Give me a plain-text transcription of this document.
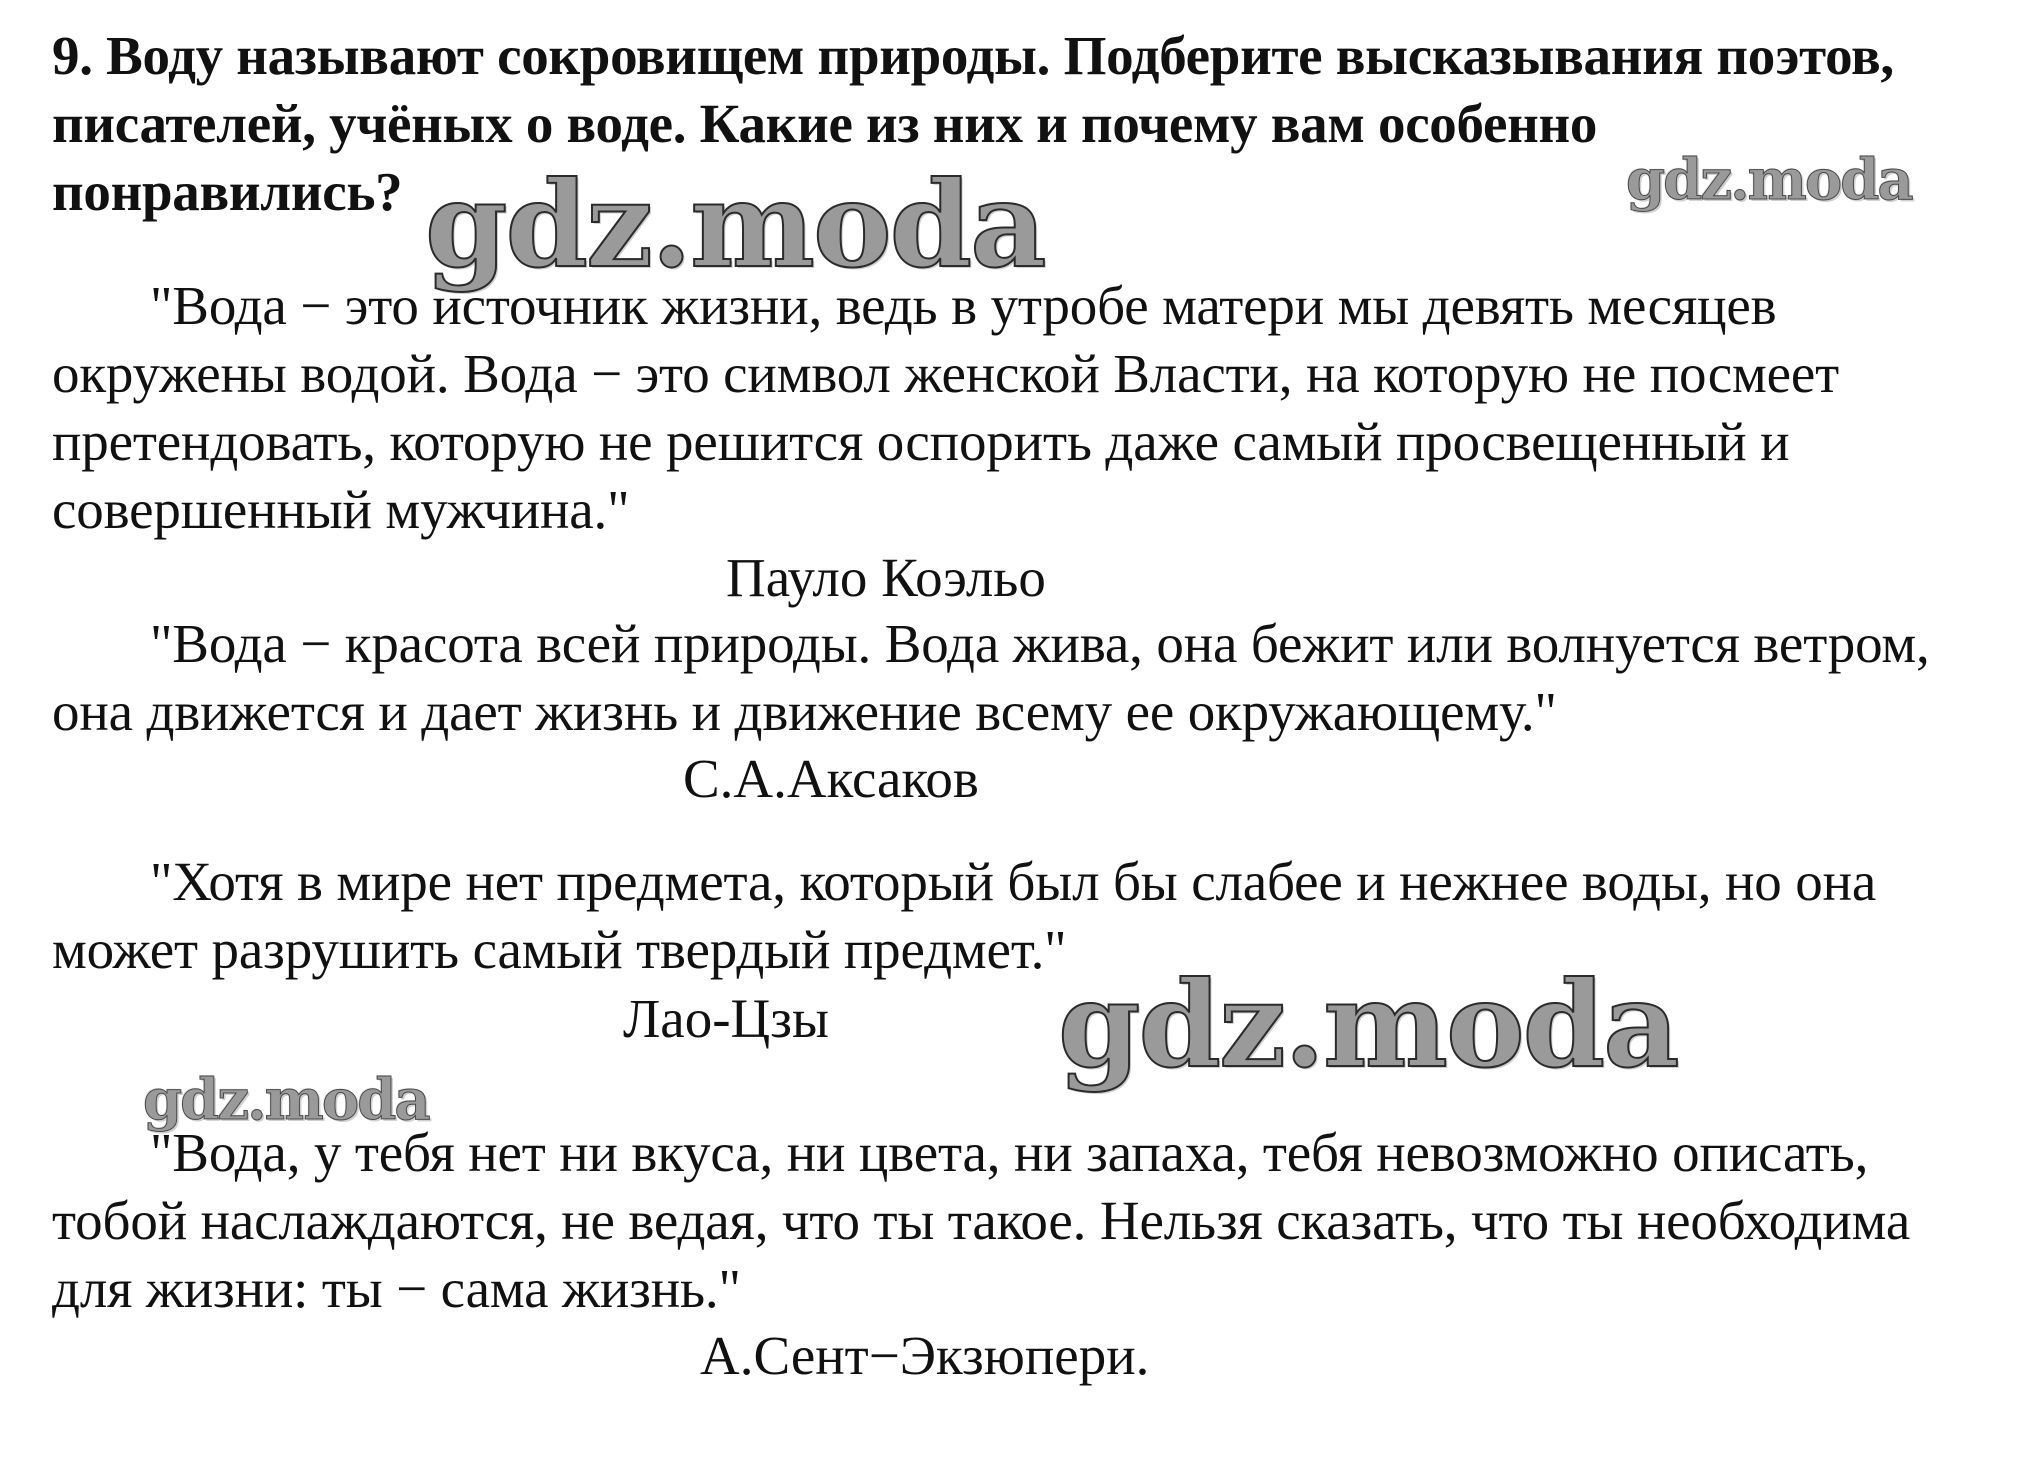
9. Воду называют сокровищем природы. Подберите высказывания поэтов, писателей, учёных о воде. Какие из них и почему вам особенно понравились?

"Вода − это источник жизни, ведь в утробе матери мы девять месяцев окружены водой. Вода − это символ женской Власти, на которую не посмеет претендовать, которую не решится оспорить даже самый просвещенный и совершенный мужчина."

Пауло Коэльо

"Вода − красота всей природы. Вода жива, она бежит или волнуется ветром, она движется и дает жизнь и движение всему ее окружающему."

С.А.Аксаков

"Хотя в мире нет предмета, который был бы слабее и нежнее воды, но она может разрушить самый твердый предмет."

Лао-Цзы

"Вода, у тебя нет ни вкуса, ни цвета, ни запаха, тебя невозможно описать, тобой наслаждаются, не ведая, что ты такое. Нельзя сказать, что ты необходима для жизни: ты − сама жизнь."

А.Сент−Экзюпери.

gdz.moda	gdz.moda
gdz.moda
gdz.moda
